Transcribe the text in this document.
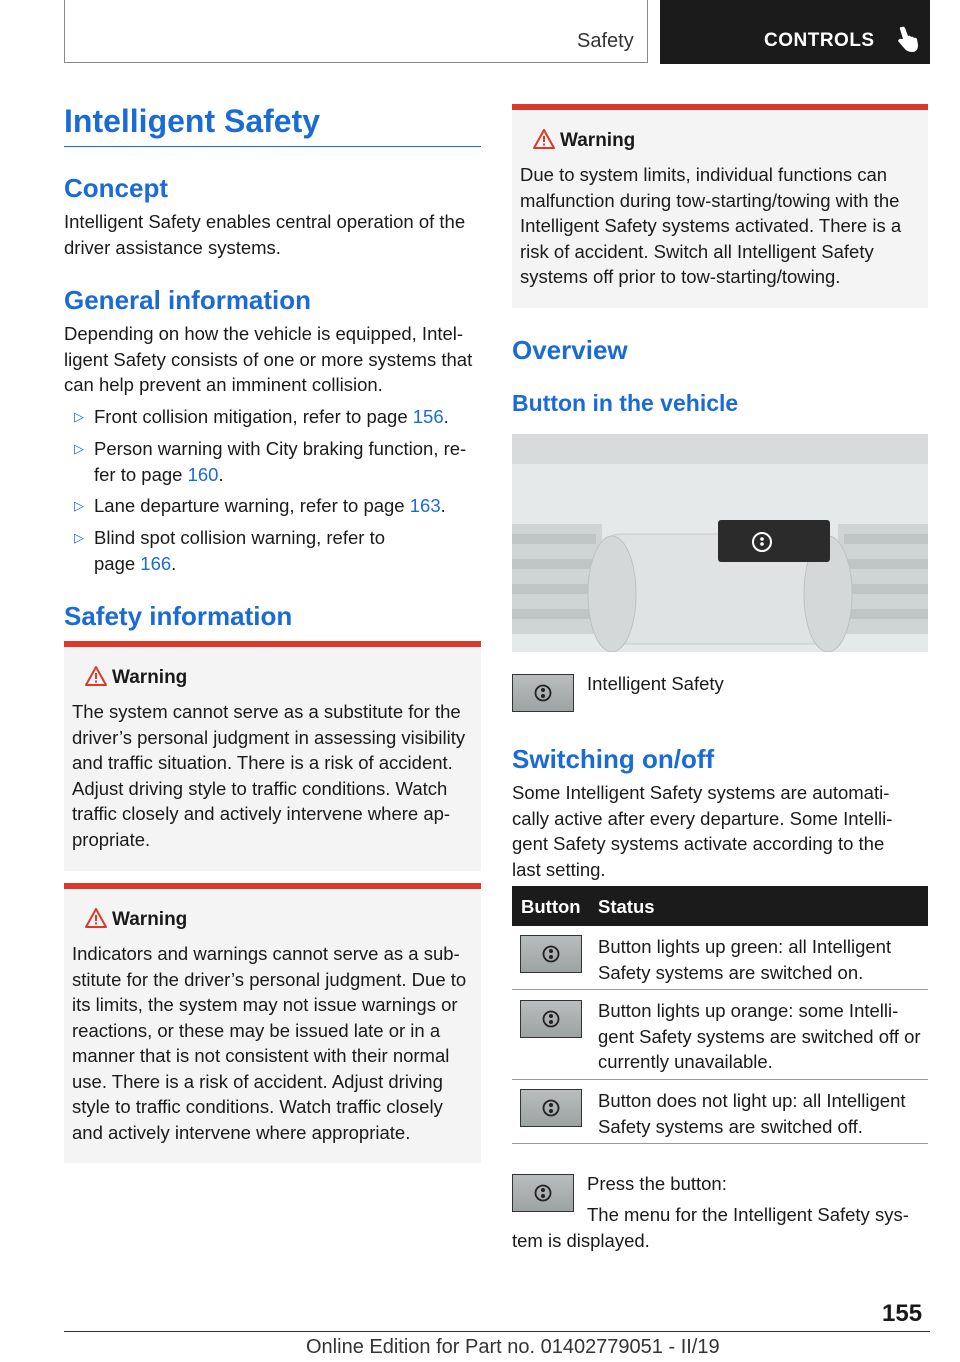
Safety	CONTROLS
Intelligent Safety
Concept

Intelligent Safety enables central operation of the driver assistance systems.

General information

Depending on how the vehicle is equipped, Intel-ligent Safety consists of one or more systems that can help prevent an imminent collision.

▷ Front collision mitigation, refer to page 156.
▷ Person warning with City braking function, re-fer to page 160.
▷ Lane departure warning, refer to page 163.
▷ Blind spot collision warning, refer to page 166.
Safety information
Warning
The system cannot serve as a substitute for the driver’s personal judgment in assessing visibility and traffic situation. There is a risk of accident. Adjust driving style to traffic conditions. Watch traffic closely and actively intervene where ap-propriate.
Warning
Indicators and warnings cannot serve as a sub-stitute for the driver’s personal judgment. Due to its limits, the system may not issue warnings or reactions, or these may be issued late or in a manner that is not consistent with their normal use. There is a risk of accident. Adjust driving style to traffic conditions. Watch traffic closely and actively intervene where appropriate.
Warning
Due to system limits, individual functions can malfunction during tow-starting/towing with the Intelligent Safety systems activated. There is a risk of accident. Switch all Intelligent Safety systems off prior to tow-starting/towing.
Overview
Button in the vehicle

Intelligent Safety

Switching on/off

Some Intelligent Safety systems are automati-cally active after every departure. Some Intelli-gent Safety systems activate according to the last setting.

Button Status
Button lights up green: all Intelligent Safety systems are switched on.
Button lights up orange: some Intelli-gent Safety systems are switched off or currently unavailable.
Button does not light up: all Intelligent Safety systems are switched off.

Press the button:

The menu for the Intelligent Safety sys-tem is displayed.

155
Online Edition for Part no. 01402779051 - II/19
